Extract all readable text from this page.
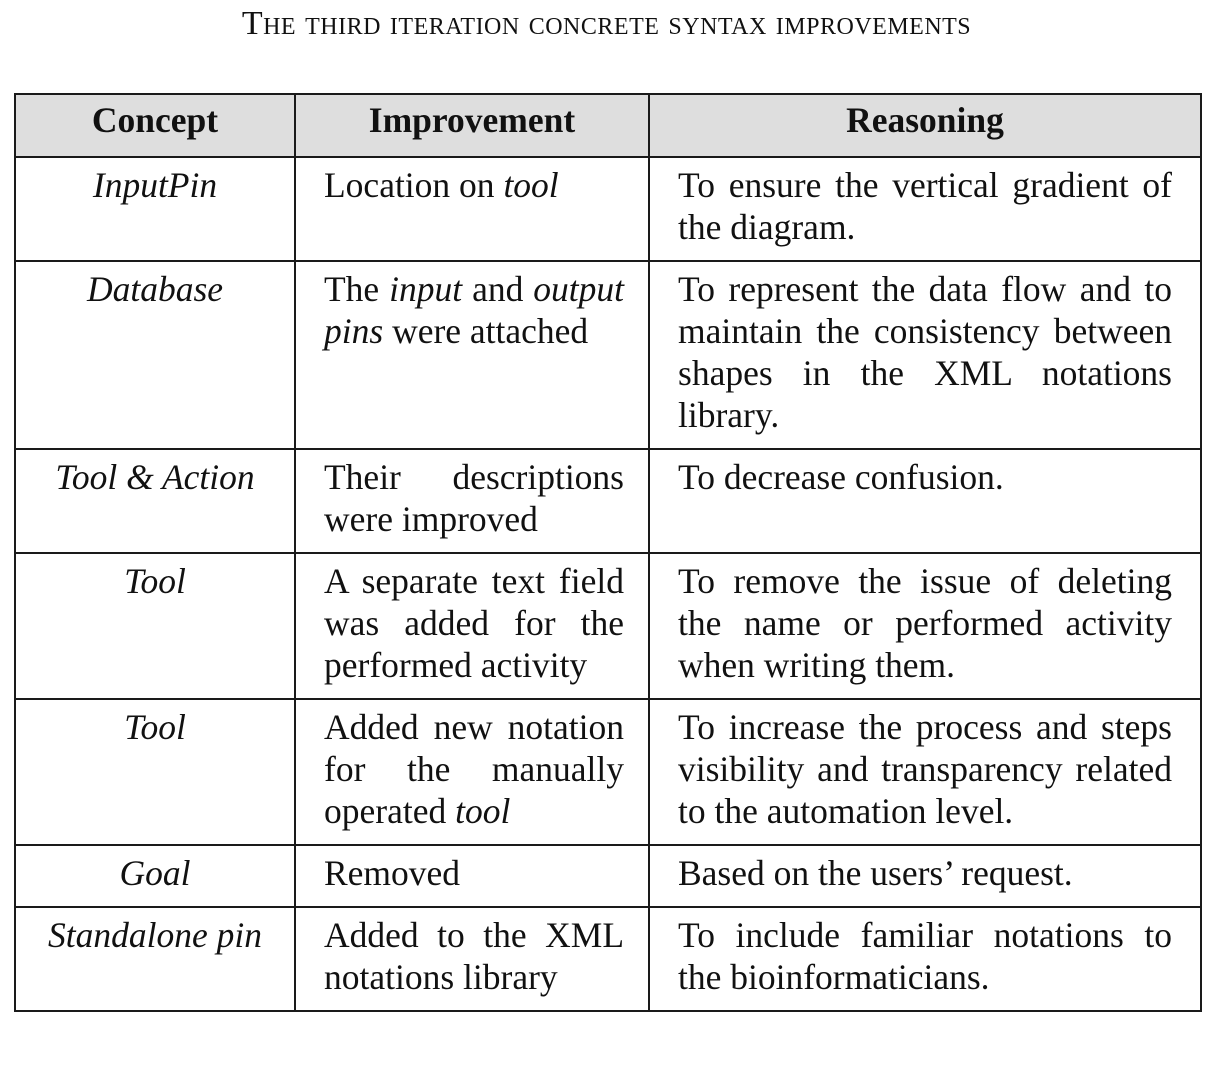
The third iteration concrete syntax improvements
Concept	Improvement	Reasoning
InputPin	Location on tool	To ensure the vertical gradient of the diagram.
Database	The input and output pins were attached	To represent the data flow and to maintain the consistency between shapes in the XML notations library.
Tool & Action	Their descriptions were improved	To decrease confusion.
Tool	A separate text field was added for the performed activity	To remove the issue of deleting the name or performed activity when writing them.
Tool	Added new notation for the manually operated tool	To increase the process and steps visibility and transparency related to the automation level.
Goal	Removed	Based on the users’ request.
Standalone pin	Added to the XML notations library	To include familiar notations to the bioinformaticians.
